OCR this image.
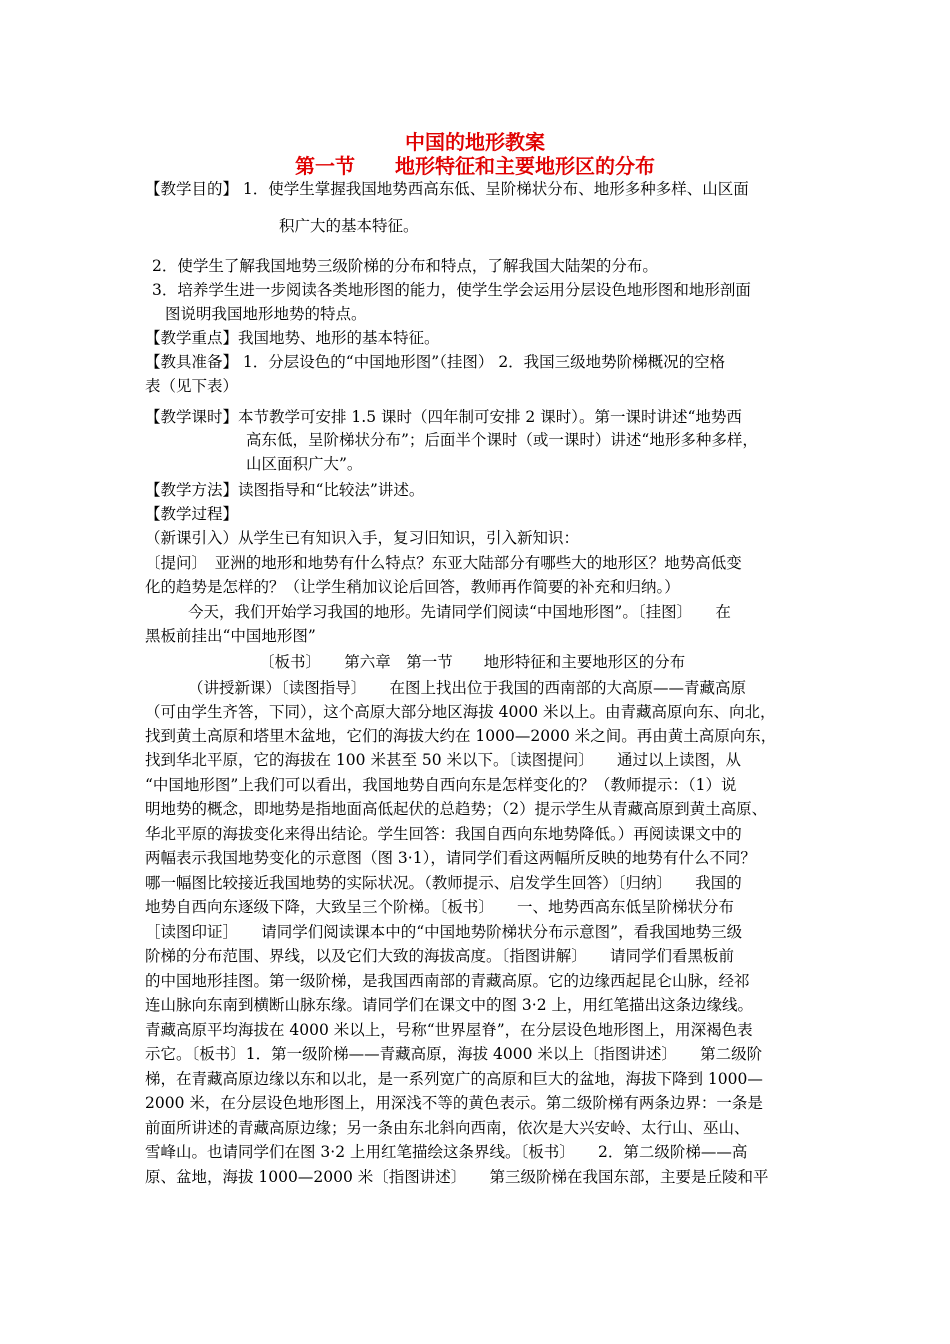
中国的地形教案
第一节　　地形特征和主要地形区的分布
【教学目的】 1．使学生掌握我国地势西高东低、呈阶梯状分布、地形多种多样、山区面
积广大的基本特征。
2．使学生了解我国地势三级阶梯的分布和特点，了解我国大陆架的分布。
3．培养学生进一步阅读各类地形图的能力，使学生学会运用分层设色地形图和地形剖面
图说明我国地形地势的特点。
【教学重点】我国地势、地形的基本特征。
【教具准备】 1．分层设色的“中国地形图”（挂图） 2．我国三级地势阶梯概况的空格
表（见下表）
【教学课时】本节教学可安排 1.5 课时（四年制可安排 2 课时）。第一课时讲述“地势西
高东低，呈阶梯状分布”；后面半个课时（或一课时）讲述“地形多种多样，
山区面积广大”。
【教学方法】读图指导和“比较法”讲述。
【教学过程】
（新课引入）从学生已有知识入手，复习旧知识，引入新知识：
〔提问〕　亚洲的地形和地势有什么特点？东亚大陆部分有哪些大的地形区？地势高低变
化的趋势是怎样的？（让学生稍加议论后回答，教师再作简要的补充和归纳。）
今天，我们开始学习我国的地形。先请同学们阅读“中国地形图”。〔挂图〕　　在
黑板前挂出“中国地形图”
〔板书〕　　第六章　第一节　　地形特征和主要地形区的分布
（讲授新课）〔读图指导〕　　在图上找出位于我国的西南部的大高原——青藏高原
（可由学生齐答，下同），这个高原大部分地区海拔 4000 米以上。由青藏高原向东、向北，
找到黄土高原和塔里木盆地，它们的海拔大约在 1000—2000 米之间。再由黄土高原向东，
找到华北平原，它的海拔在 100 米甚至 50 米以下。〔读图提问〕　　通过以上读图，从
“中国地形图”上我们可以看出，我国地势自西向东是怎样变化的？（教师提示：（1）说
明地势的概念，即地势是指地面高低起伏的总趋势；（2）提示学生从青藏高原到黄土高原、
华北平原的海拔变化来得出结论。学生回答：我国自西向东地势降低。）再阅读课文中的
两幅表示我国地势变化的示意图（图 3·1），请同学们看这两幅所反映的地势有什么不同？
哪一幅图比较接近我国地势的实际状况。（教师提示、启发学生回答）〔归纳〕　　我国的
地势自西向东逐级下降，大致呈三个阶梯。〔板书〕　　一、地势西高东低呈阶梯状分布
［读图印证］　　请同学们阅读课本中的“中国地势阶梯状分布示意图”，看我国地势三级
阶梯的分布范围、界线，以及它们大致的海拔高度。〔指图讲解〕　　请同学们看黑板前
的中国地形挂图。第一级阶梯，是我国西南部的青藏高原。它的边缘西起昆仑山脉，经祁
连山脉向东南到横断山脉东缘。请同学们在课文中的图 3·2 上，用红笔描出这条边缘线。
青藏高原平均海拔在 4000 米以上，号称“世界屋脊”，在分层设色地形图上，用深褐色表
示它。〔板书〕1．第一级阶梯——青藏高原，海拔 4000 米以上〔指图讲述〕　　第二级阶
梯，在青藏高原边缘以东和以北，是一系列宽广的高原和巨大的盆地，海拔下降到 1000—
2000 米，在分层设色地形图上，用深浅不等的黄色表示。第二级阶梯有两条边界：一条是
前面所讲述的青藏高原边缘；另一条由东北斜向西南，依次是大兴安岭、太行山、巫山、
雪峰山。也请同学们在图 3·2 上用红笔描绘这条界线。〔板书〕　　2．第二级阶梯——高
原、盆地，海拔 1000—2000 米〔指图讲述〕　　第三级阶梯在我国东部，主要是丘陵和平
